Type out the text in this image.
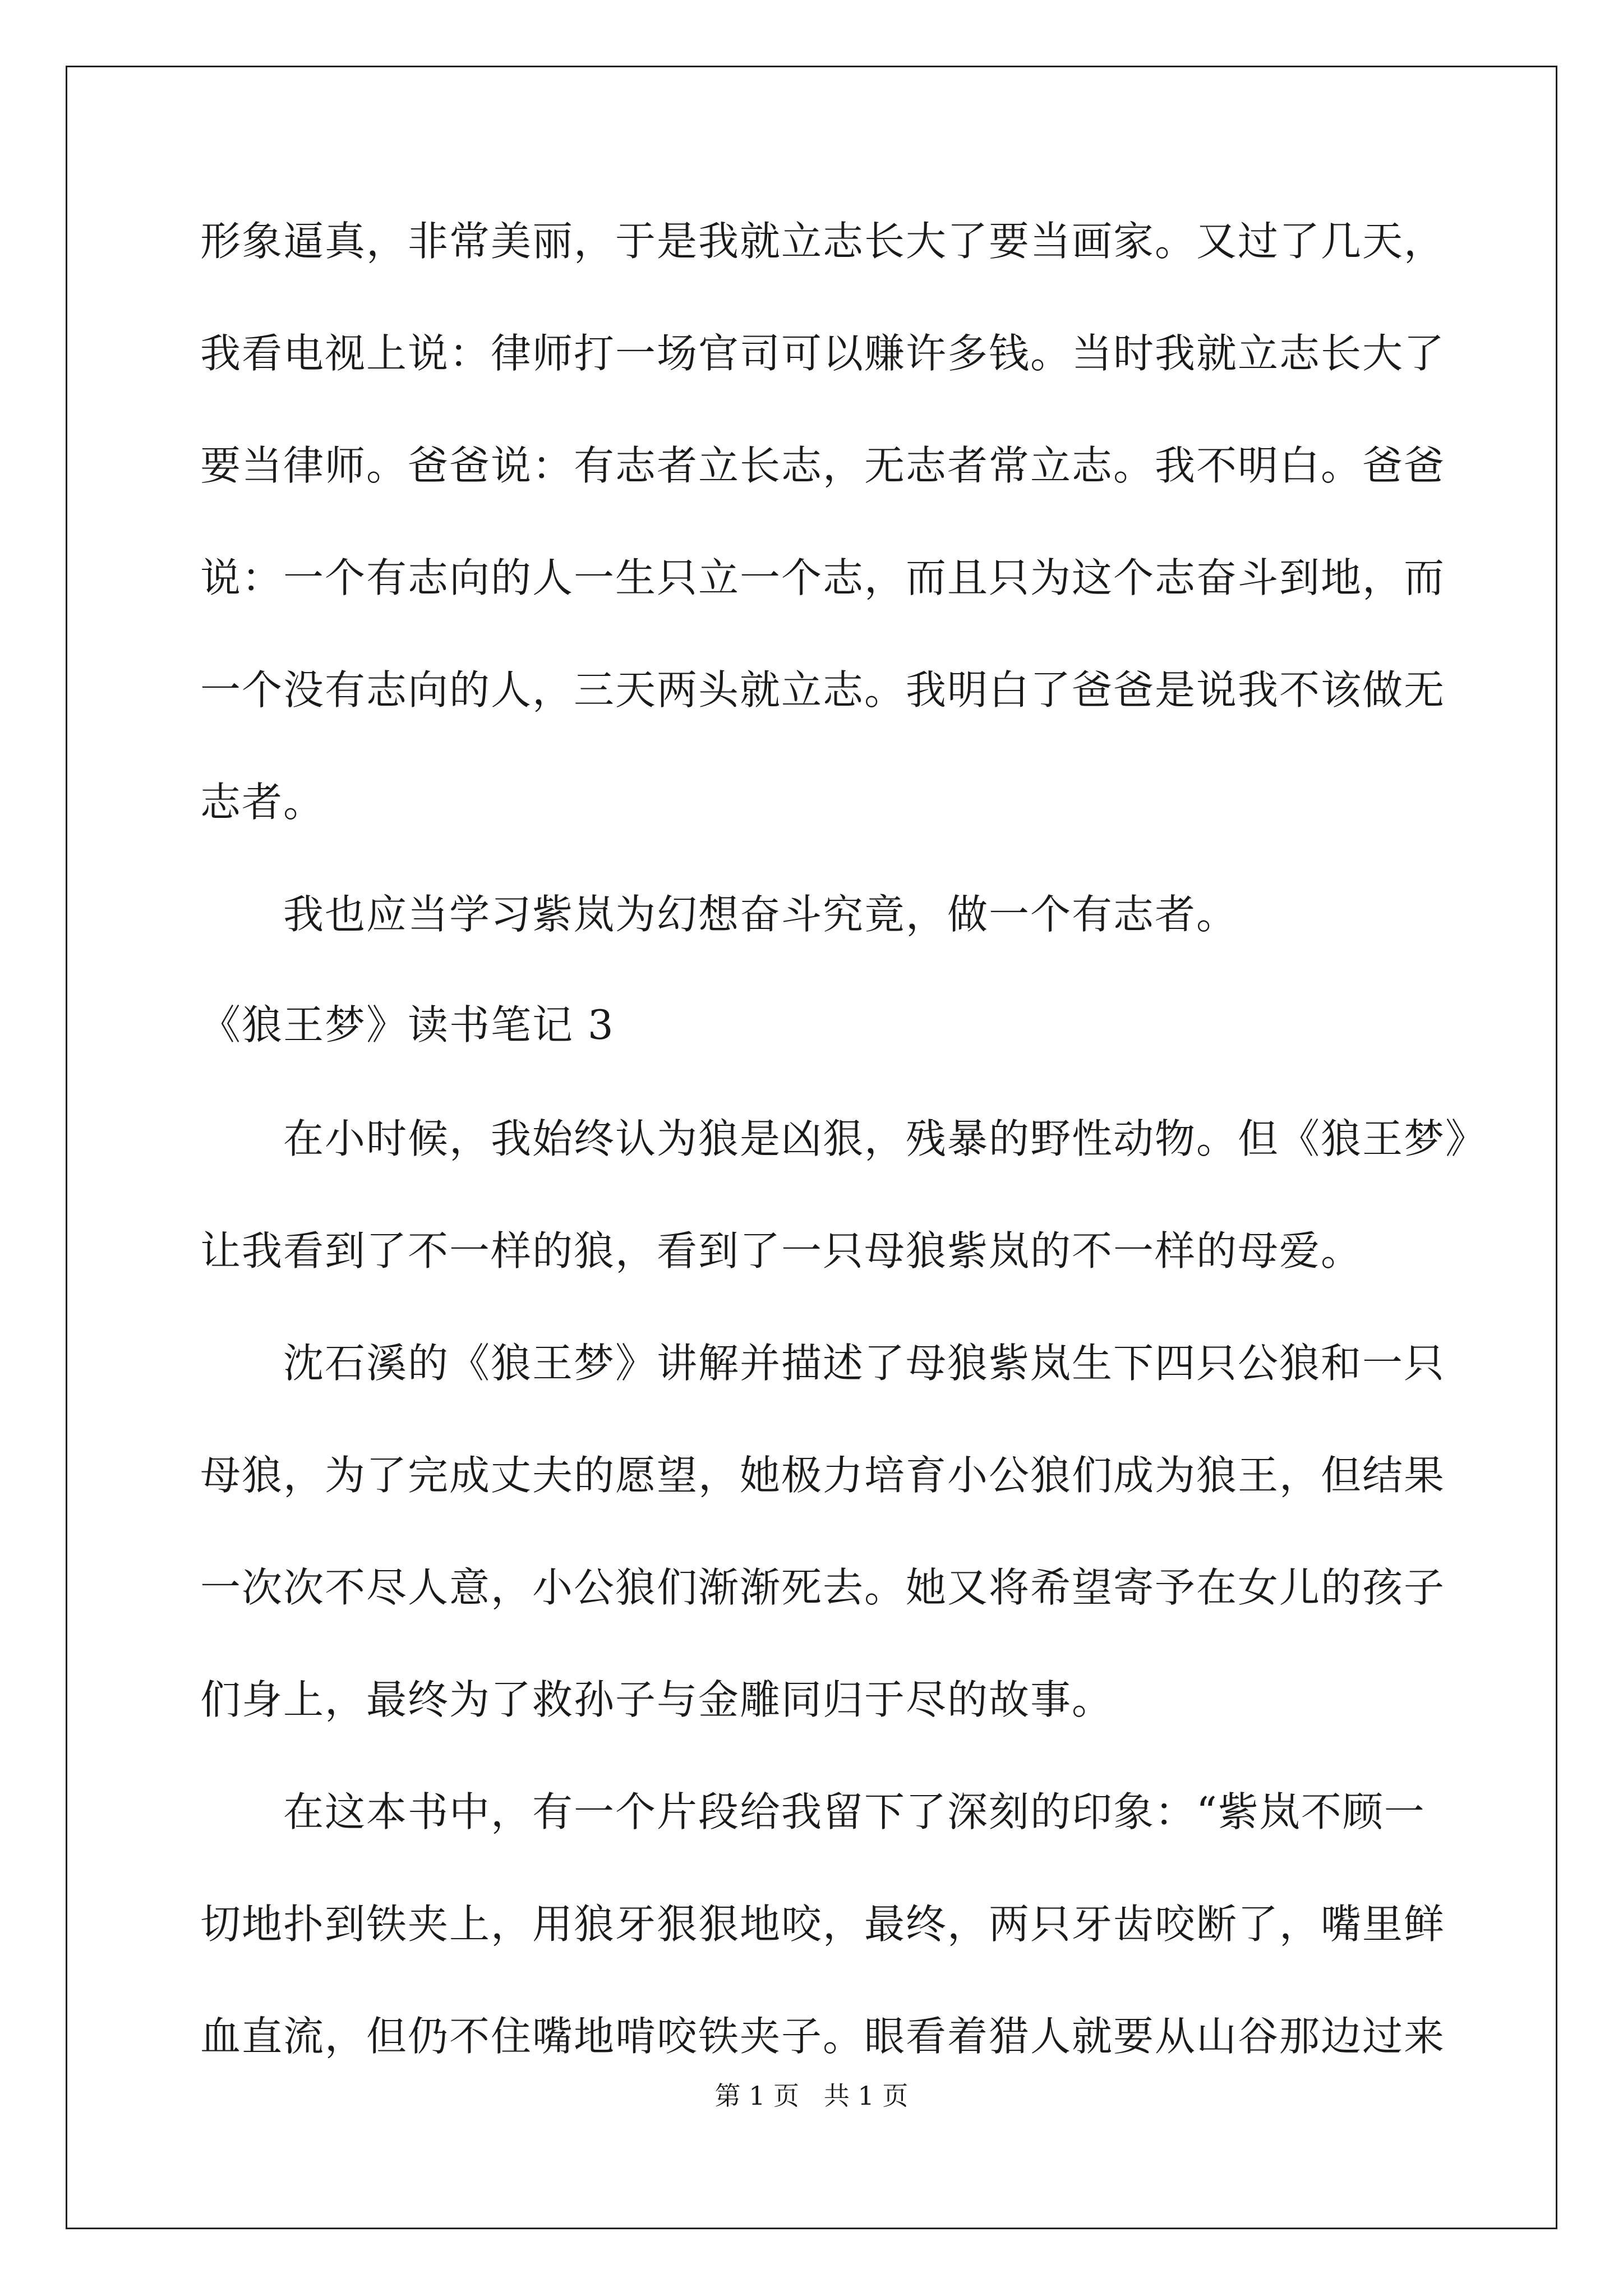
形象逼真，非常美丽，于是我就立志长大了要当画家。又过了几天，
我看电视上说：律师打一场官司可以赚许多钱。当时我就立志长大了
要当律师。爸爸说：有志者立长志，无志者常立志。我不明白。爸爸
说：一个有志向的人一生只立一个志，而且只为这个志奋斗到地，而
一个没有志向的人，三天两头就立志。我明白了爸爸是说我不该做无
志者。
我也应当学习紫岚为幻想奋斗究竟，做一个有志者。
《狼王梦》读书笔记 3
在小时候，我始终认为狼是凶狠，残暴的野性动物。但《狼王梦》
让我看到了不一样的狼，看到了一只母狼紫岚的不一样的母爱。
沈石溪的《狼王梦》讲解并描述了母狼紫岚生下四只公狼和一只
母狼，为了完成丈夫的愿望，她极力培育小公狼们成为狼王，但结果
一次次不尽人意，小公狼们渐渐死去。她又将希望寄予在女儿的孩子
们身上，最终为了救孙子与金雕同归于尽的故事。
在这本书中，有一个片段给我留下了深刻的印象：“紫岚不顾一
切地扑到铁夹上，用狼牙狠狠地咬，最终，两只牙齿咬断了，嘴里鲜
血直流，但仍不住嘴地啃咬铁夹子。眼看着猎人就要从山谷那边过来
第 1 页   共 1 页
